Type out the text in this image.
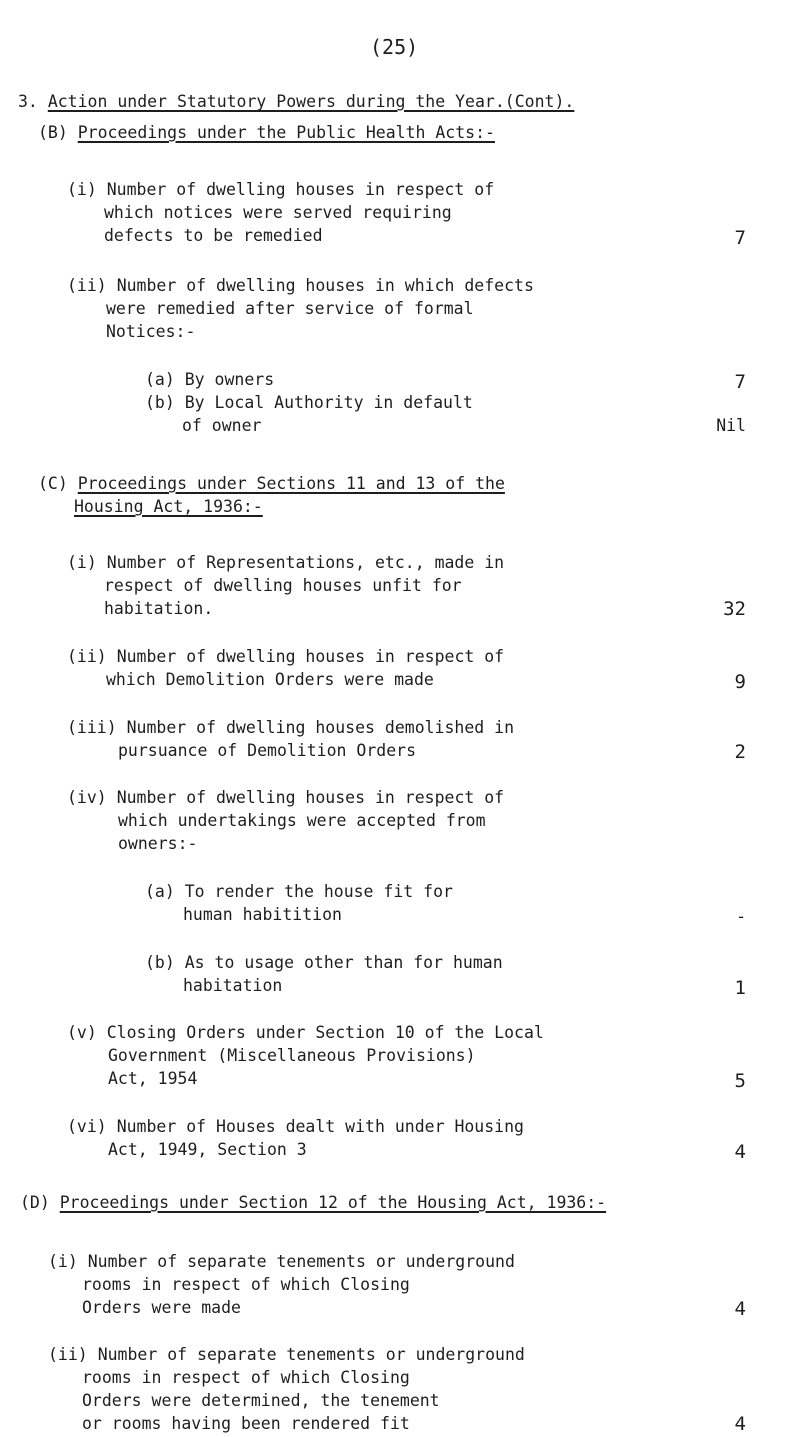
(25)
3. Action under Statutory Powers during the Year.(Cont).
(B) Proceedings under the Public Health Acts:-
(i) Number of dwelling houses in respect of
which notices were served requiring
defects to be remedied	7
(ii) Number of dwelling houses in which defects
were remedied after service of formal
Notices:-
(a) By owners	7
(b) By Local Authority in default
of owner	Nil
(C) Proceedings under Sections 11 and 13 of the
Housing Act, 1936:-
(i) Number of Representations, etc., made in
respect of dwelling houses unfit for
habitation.	32
(ii) Number of dwelling houses in respect of
which Demolition Orders were made	9
(iii) Number of dwelling houses demolished in
pursuance of Demolition Orders	2
(iv) Number of dwelling houses in respect of
which undertakings were accepted from
owners:-
(a) To render the house fit for
human habitition	-
(b) As to usage other than for human
habitation	1
(v) Closing Orders under Section 10 of the Local
Government (Miscellaneous Provisions)
Act, 1954	5
(vi) Number of Houses dealt with under Housing
Act, 1949, Section 3	4
(D) Proceedings under Section 12 of the Housing Act, 1936:-
(i) Number of separate tenements or underground
rooms in respect of which Closing
Orders were made	4
(ii) Number of separate tenements or underground
rooms in respect of which Closing
Orders were determined, the tenement
or rooms having been rendered fit	4
